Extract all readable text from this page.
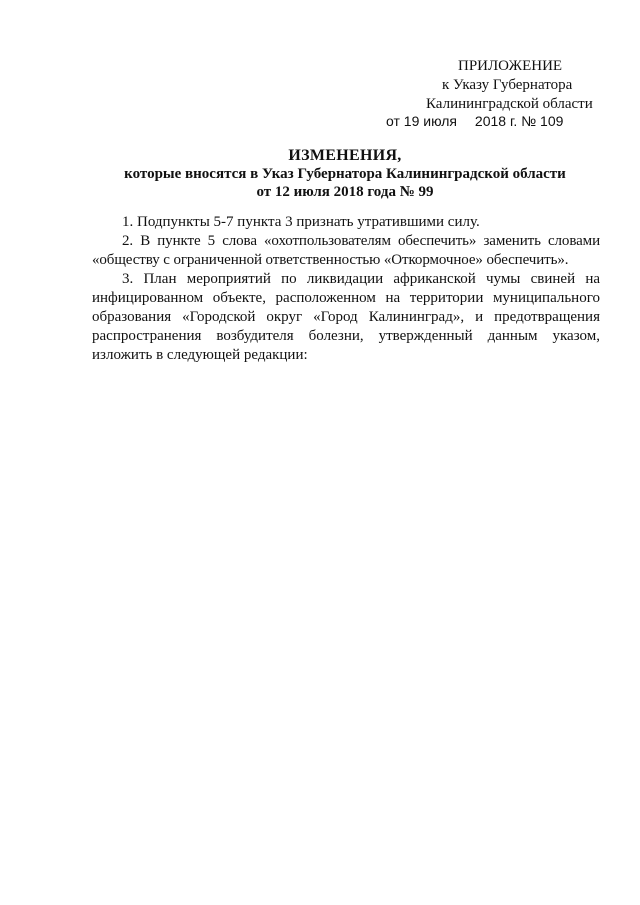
ПРИЛОЖЕНИЕ
к Указу Губернатора
Калининградской области
от 19 июля 2018 г. № 109
ИЗМЕНЕНИЯ,
которые вносятся в Указ Губернатора Калининградской области
от 12 июля 2018 года № 99

1. Подпункты 5-7 пункта 3 признать утратившими силу.

2. В пункте 5 слова «охотпользователям обеспечить» заменить словами «обществу с ограниченной ответственностью «Откормочное» обеспечить».

3. План мероприятий по ликвидации африканской чумы свиней на инфицированном объекте, расположенном на территории муниципального образования «Городской округ «Город Калининград», и предотвращения распространения возбудителя болезни, утвержденный данным указом, изложить в следующей редакции:
